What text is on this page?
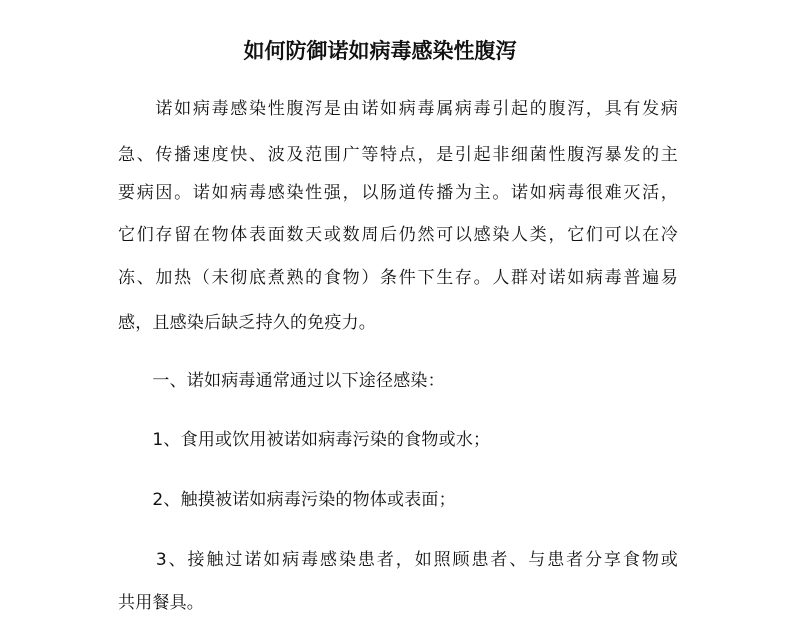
如何防御诺如病毒感染性腹泻
　　诺如病毒感染性腹泻是由诺如病毒属病毒引起的腹泻，具有发病
急、传播速度快、波及范围广等特点，是引起非细菌性腹泻暴发的主
要病因。诺如病毒感染性强，以肠道传播为主。诺如病毒很难灭活，
它们存留在物体表面数天或数周后仍然可以感染人类，它们可以在冷
冻、加热（未彻底煮熟的食物）条件下生存。人群对诺如病毒普遍易
感，且感染后缺乏持久的免疫力。
　　一、诺如病毒通常通过以下途径感染：
　　1、食用或饮用被诺如病毒污染的食物或水；
　　2、触摸被诺如病毒污染的物体或表面；
　　3、接触过诺如病毒感染患者，如照顾患者、与患者分享食物或
共用餐具。
